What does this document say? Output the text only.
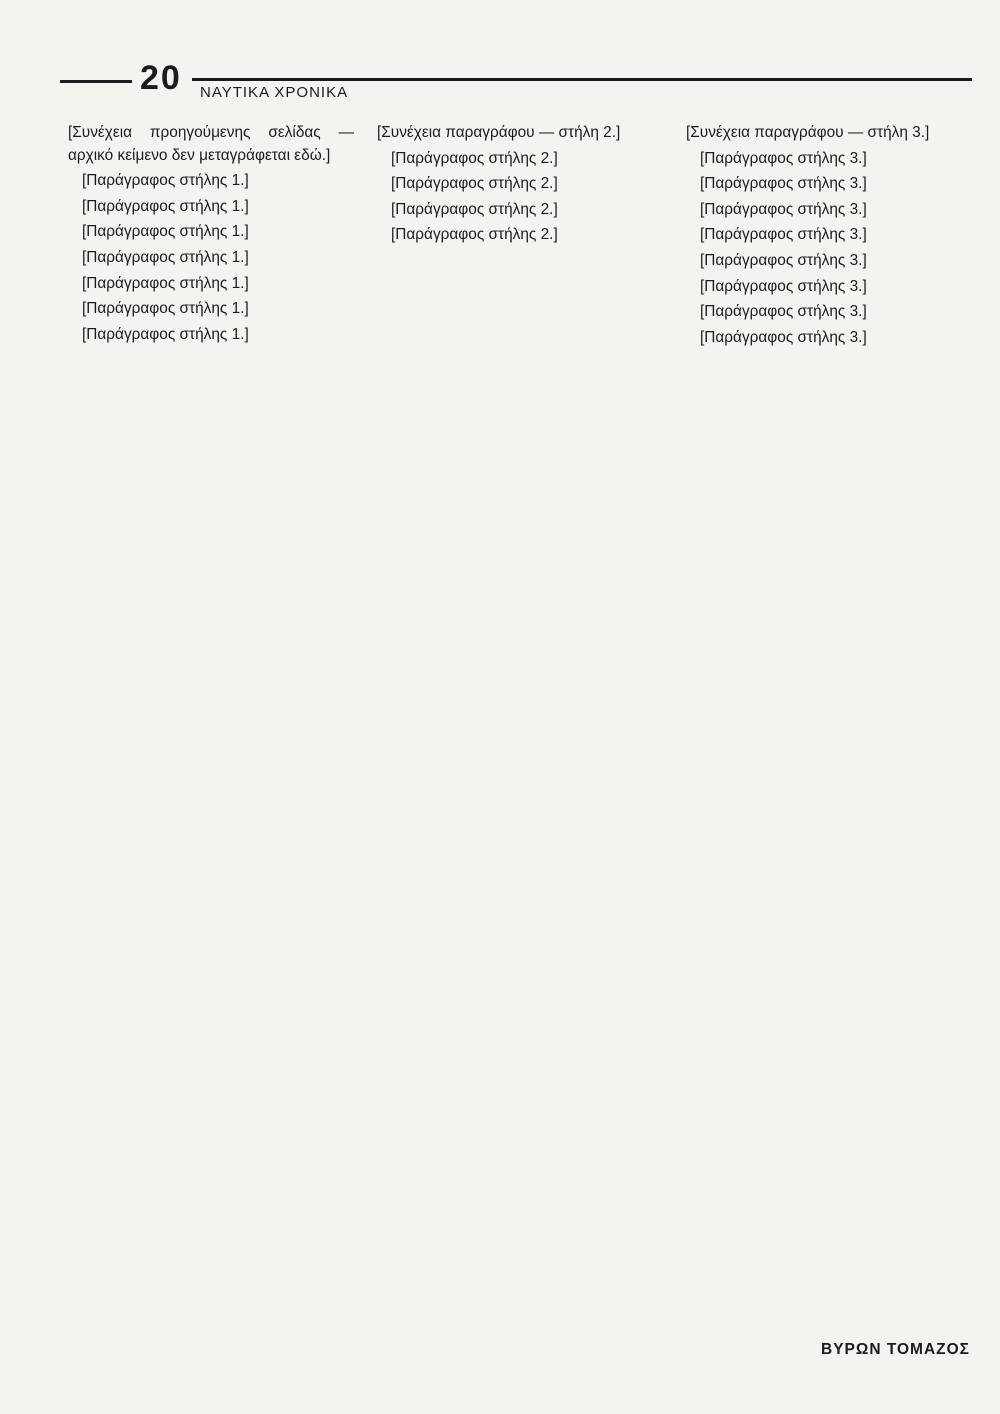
20 ΝΑΥΤΙΚΑ ΧΡΟΝΙΚΑ

[Συνέχεια προηγούμενης σελίδας — αρχικό κείμενο δεν μεταγράφεται εδώ.]

[Παράγραφος στήλης 1.]

[Παράγραφος στήλης 1.]

[Παράγραφος στήλης 1.]

[Παράγραφος στήλης 1.]

[Παράγραφος στήλης 1.]

[Παράγραφος στήλης 1.]

[Παράγραφος στήλης 1.]

[Συνέχεια παραγράφου — στήλη 2.]

[Παράγραφος στήλης 2.]

[Παράγραφος στήλης 2.]

[Παράγραφος στήλης 2.]

[Παράγραφος στήλης 2.]

[Συνέχεια παραγράφου — στήλη 3.]

[Παράγραφος στήλης 3.]

[Παράγραφος στήλης 3.]

[Παράγραφος στήλης 3.]

[Παράγραφος στήλης 3.]

[Παράγραφος στήλης 3.]

[Παράγραφος στήλης 3.]

[Παράγραφος στήλης 3.]

[Παράγραφος στήλης 3.]

ΒΥΡΩΝ ΤΟΜΑΖΟΣ
